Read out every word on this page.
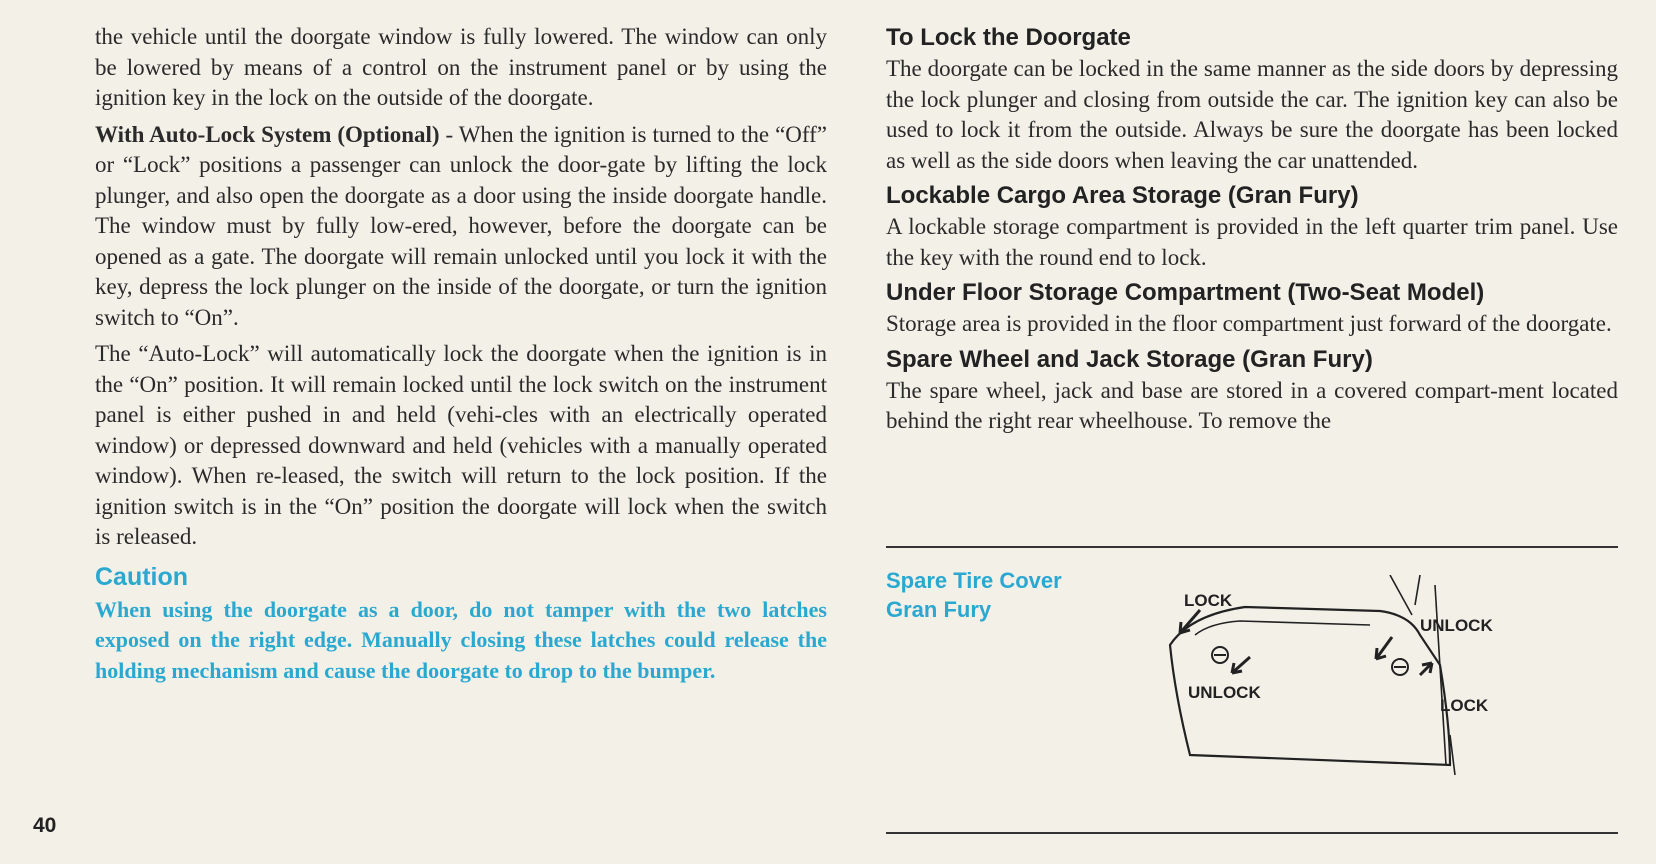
the vehicle until the doorgate window is fully lowered. The window can only be lowered by means of a control on the instrument panel or by using the ignition key in the lock on the outside of the doorgate.

With Auto-Lock System (Optional) - When the ignition is turned to the “Off” or “Lock” positions a passenger can unlock the door-gate by lifting the lock plunger, and also open the doorgate as a door using the inside doorgate handle. The window must by fully low-ered, however, before the doorgate can be opened as a gate. The doorgate will remain unlocked until you lock it with the key, depress the lock plunger on the inside of the doorgate, or turn the ignition switch to “On”.

The “Auto-Lock” will automatically lock the doorgate when the ignition is in the “On” position. It will remain locked until the lock switch on the instrument panel is either pushed in and held (vehi-cles with an electrically operated window) or depressed downward and held (vehicles with a manually operated window). When re-leased, the switch will return to the lock position. If the ignition switch is in the “On” position the doorgate will lock when the switch is released.

Caution

When using the doorgate as a door, do not tamper with the two latches exposed on the right edge. Manually closing these latches could release the holding mechanism and cause the doorgate to drop to the bumper.

To Lock the Doorgate

The doorgate can be locked in the same manner as the side doors by depressing the lock plunger and closing from outside the car. The ignition key can also be used to lock it from the outside. Always be sure the doorgate has been locked as well as the side doors when leaving the car unattended.

Lockable Cargo Area Storage (Gran Fury)

A lockable storage compartment is provided in the left quarter trim panel. Use the key with the round end to lock.

Under Floor Storage Compartment (Two-Seat Model)

Storage area is provided in the floor compartment just forward of the doorgate.

Spare Wheel and Jack Storage (Gran Fury)

The spare wheel, jack and base are stored in a covered compart-ment located behind the right rear wheelhouse. To remove the

Spare Tire Cover
Gran Fury	LOCK
UNLOCK
UNLOCK
LOCK
40
